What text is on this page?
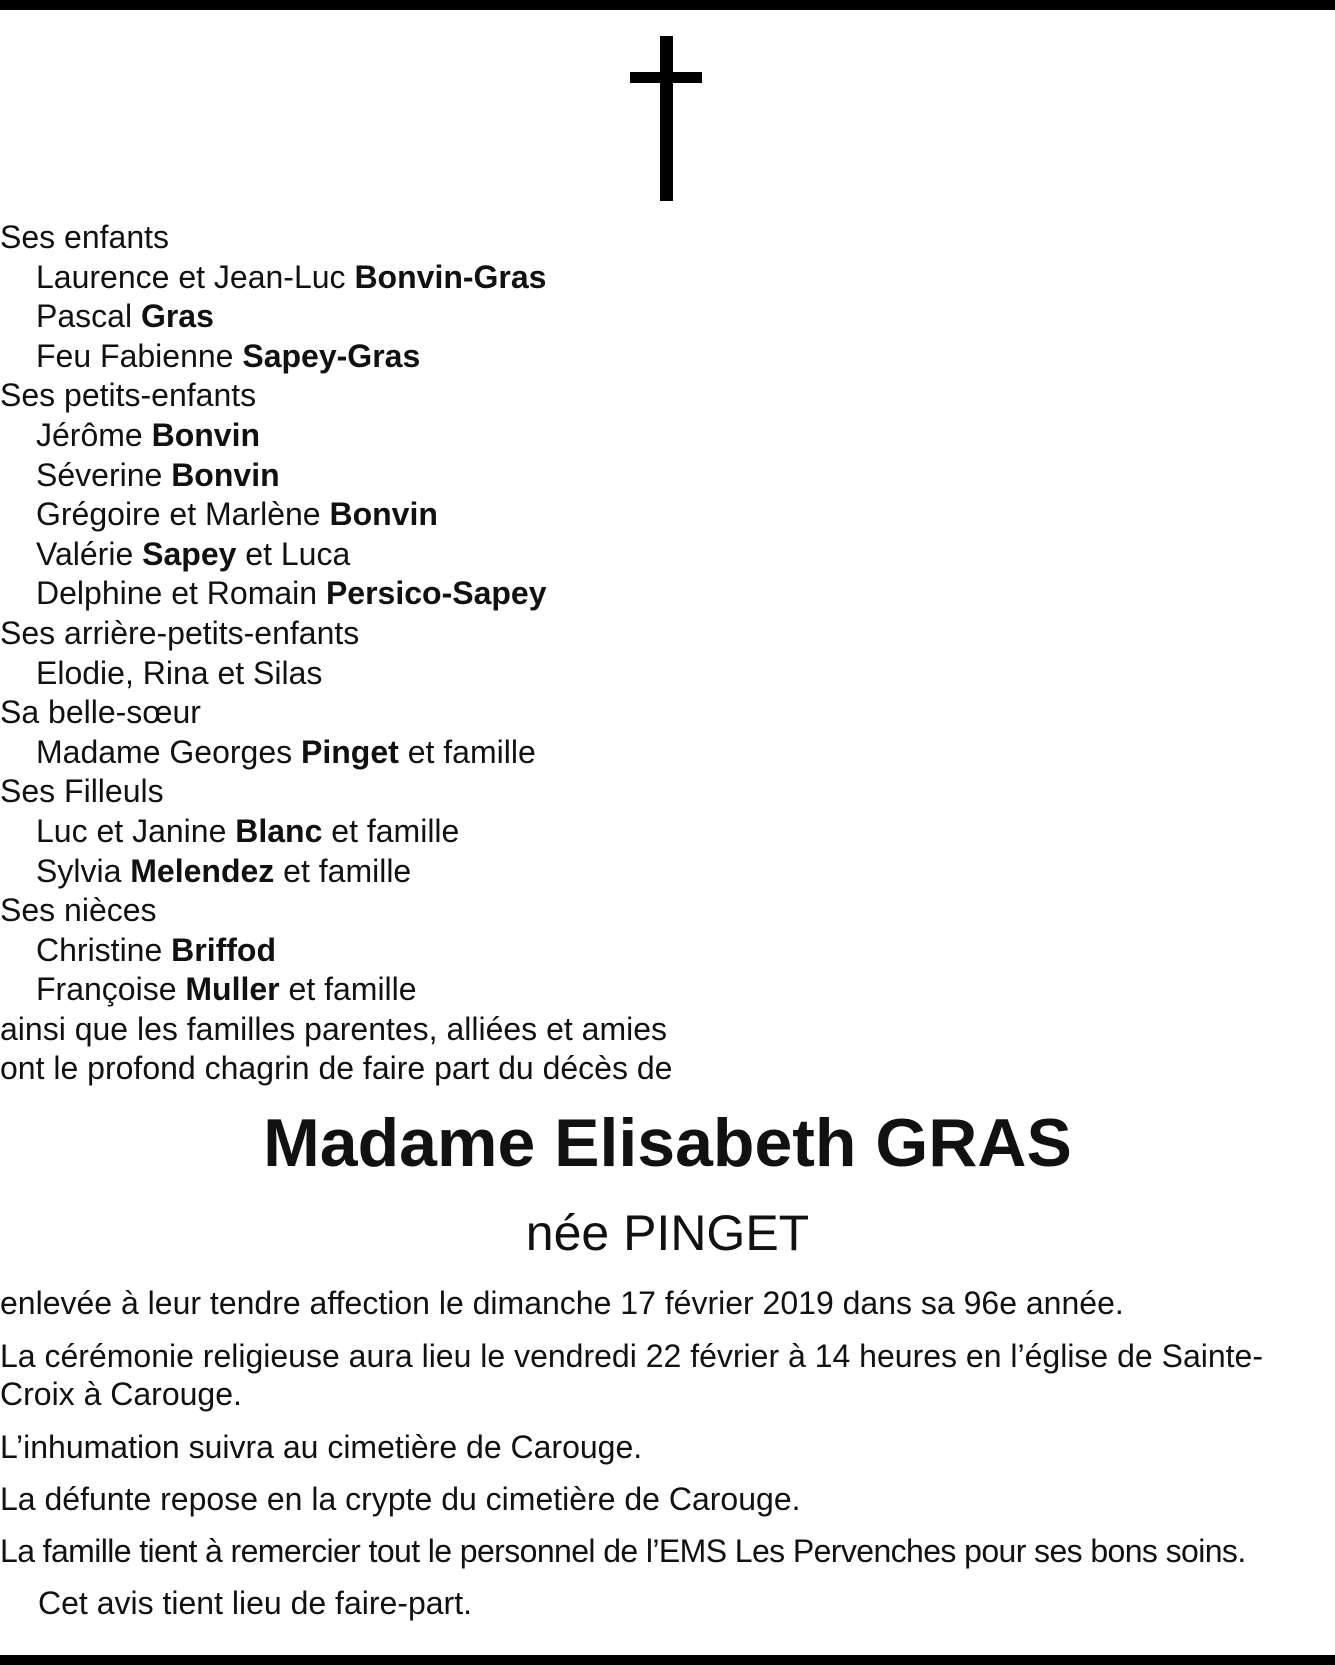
Ses enfants
Laurence et Jean-Luc Bonvin-Gras
Pascal Gras
Feu Fabienne Sapey-Gras
Ses petits-enfants
Jérôme Bonvin
Séverine Bonvin
Grégoire et Marlène Bonvin
Valérie Sapey et Luca
Delphine et Romain Persico-Sapey
Ses arrière-petits-enfants
Elodie, Rina et Silas
Sa belle-sœur
Madame Georges Pinget et famille
Ses Filleuls
Luc et Janine Blanc et famille
Sylvia Melendez et famille
Ses nièces
Christine Briffod
Françoise Muller et famille
ainsi que les familles parentes, alliées et amies
ont le profond chagrin de faire part du décès de
Madame Elisabeth GRAS
née PINGET
enlevée à leur tendre affection le dimanche 17 février 2019 dans sa 96e année.
La cérémonie religieuse aura lieu le vendredi 22 février à 14 heures en l’église de Sainte-Croix à Carouge.
L’inhumation suivra au cimetière de Carouge.
La défunte repose en la crypte du cimetière de Carouge.
La famille tient à remercier tout le personnel de l’EMS Les Pervenches pour ses bons soins.
Cet avis tient lieu de faire-part.
